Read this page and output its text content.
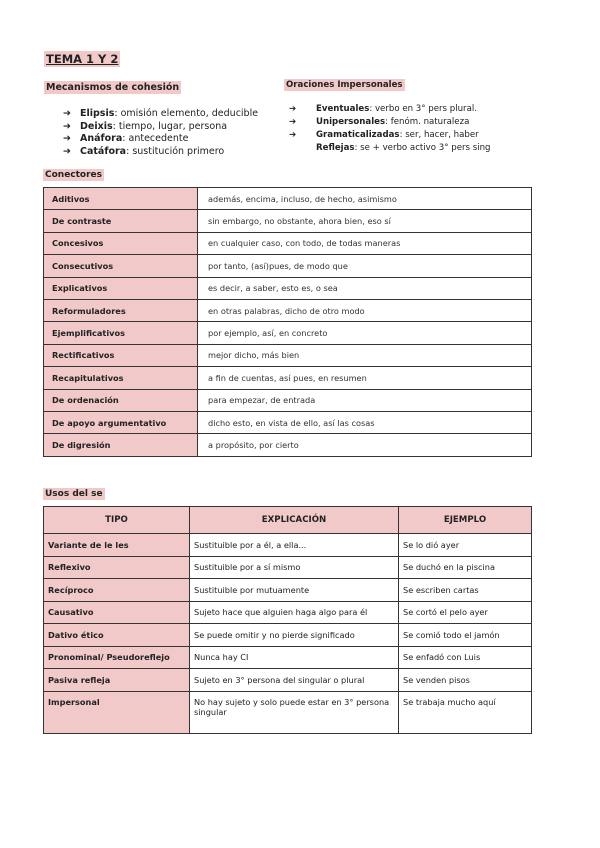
TEMA 1 Y 2
Mecanismos de cohesión
➔ Elipsis: omisión elemento, deducible
➔ Deixis: tiempo, lugar, persona
➔ Anáfora: antecedente
➔ Catáfora: sustitución primero
Oraciones Impersonales
➔ Eventuales: verbo en 3° pers plural.
➔ Unipersonales: fenóm. naturaleza
➔ Gramaticalizadas: ser, hacer, haber
Reflejas: se + verbo activo 3° pers sing
Conectores
Aditivos	además, encima, incluso, de hecho, asimismo
De contraste	sin embargo, no obstante, ahora bien, eso sí
Concesivos	en cualquier caso, con todo, de todas maneras
Consecutivos	por tanto, (así)pues, de modo que
Explicativos	es decir, a saber, esto es, o sea
Reformuladores	en otras palabras, dicho de otro modo
Ejemplificativos	por ejemplo, así, en concreto
Rectificativos	mejor dicho, más bien
Recapitulativos	a fin de cuentas, así pues, en resumen
De ordenación	para empezar, de entrada
De apoyo argumentativo	dicho esto, en vista de ello, así las cosas
De digresión	a propósito, por cierto
Usos del se
TIPO	EXPLICACIÓN	EJEMPLO
Variante de le les	Sustituible por a él, a ella...	Se lo dió ayer
Reflexivo	Sustituible por a sí mismo	Se duchó en la piscina
Recíproco	Sustituible por mutuamente	Se escriben cartas
Causativo	Sujeto hace que alguien haga algo para él	Se cortó el pelo ayer
Dativo ético	Se puede omitir y no pierde significado	Se comió todo el jamón
Pronominal/ Pseudoreflejo	Nunca hay CI	Se enfadó con Luis
Pasiva refleja	Sujeto en 3° persona del singular o plural	Se venden pisos
Impersonal	No hay sujeto y solo puede estar en 3° persona singular	Se trabaja mucho aquí
